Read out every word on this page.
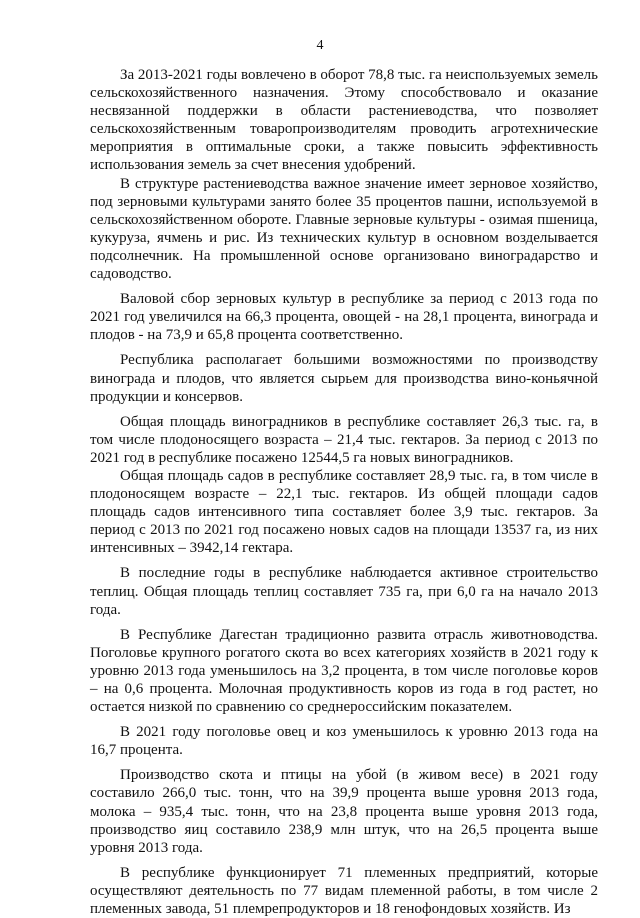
4

За 2013-2021 годы вовлечено в оборот 78,8 тыс. га неиспользуемых земель сельскохозяйственного назначения. Этому способствовало и оказание несвязанной поддержки в области растениеводства, что позволяет сельскохозяйственным товаропроизводителям проводить агротехнические мероприятия в оптимальные сроки, а также повысить эффективность использования земель за счет внесения удобрений.

В структуре растениеводства важное значение имеет зерновое хозяйство, под зерновыми культурами занято более 35 процентов пашни, используемой в сельскохозяйственном обороте. Главные зерновые культуры - озимая пшеница, кукуруза, ячмень и рис. Из технических культур в основном возделывается подсолнечник. На промышленной основе организовано виноградарство и садоводство.

Валовой сбор зерновых культур в республике за период с 2013 года по 2021 год увеличился на 66,3 процента, овощей - на 28,1 процента, винограда и плодов - на 73,9 и 65,8 процента соответственно.

Республика располагает большими возможностями по производству винограда и плодов, что является сырьем для производства вино-коньячной продукции и консервов.

Общая площадь виноградников в республике составляет 26,3 тыс. га, в том числе плодоносящего возраста – 21,4 тыс. гектаров. За период с 2013 по 2021 год в республике посажено 12544,5 га новых виноградников.

Общая площадь садов в республике составляет 28,9 тыс. га, в том числе в плодоносящем возрасте – 22,1 тыс. гектаров. Из общей площади садов площадь садов интенсивного типа составляет более 3,9 тыс. гектаров. За период с 2013 по 2021 год посажено новых садов на площади 13537 га, из них интенсивных – 3942,14 гектара.

В последние годы в республике наблюдается активное строительство теплиц. Общая площадь теплиц составляет 735 га, при 6,0 га на начало 2013 года.

В Республике Дагестан традиционно развита отрасль животноводства. Поголовье крупного рогатого скота во всех категориях хозяйств в 2021 году к уровню 2013 года уменьшилось на 3,2 процента, в том числе поголовье коров – на 0,6 процента. Молочная продуктивность коров из года в год растет, но остается низкой по сравнению со среднероссийским показателем.

В 2021 году поголовье овец и коз уменьшилось к уровню 2013 года на 16,7 процента.

Производство скота и птицы на убой (в живом весе) в 2021 году составило 266,0 тыс. тонн, что на 39,9 процента выше уровня 2013 года, молока – 935,4 тыс. тонн, что на 23,8 процента выше уровня 2013 года, производство яиц составило 238,9 млн штук, что на 26,5 процента выше уровня 2013 года.

В республике функционирует 71 племенных предприятий, которые осуществляют деятельность по 77 видам племенной работы, в том числе 2 племенных завода, 51 племрепродукторов и 18 генофондовых хозяйств. Из
